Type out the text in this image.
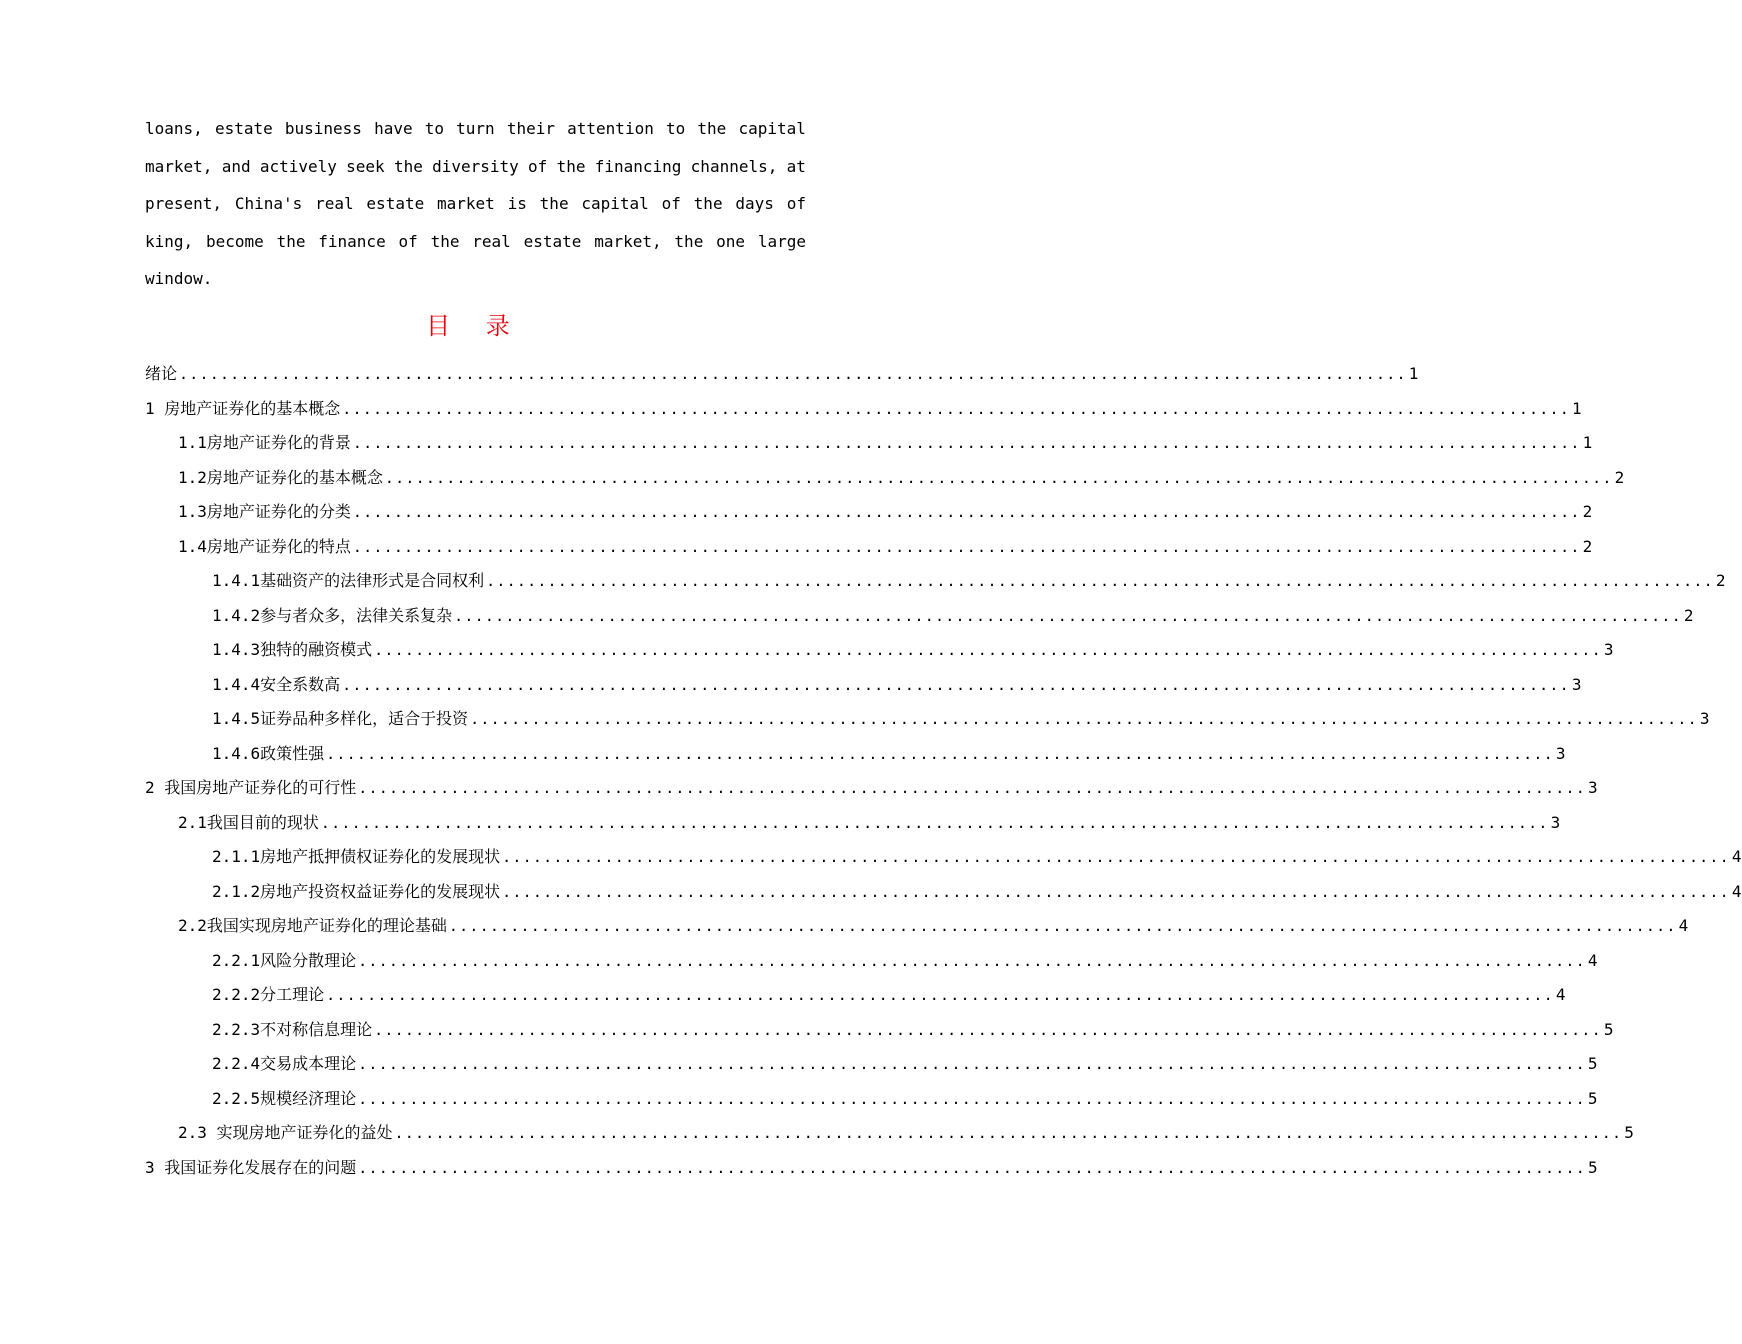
loans, estate business have to turn their attention to the capital
market, and actively seek the diversity of the financing channels, at
present, China's real estate market is the capital of the days of
king, become the finance of the real estate market, the one large
window.
目 录
绪论 ........................................................................................................................ 1
1 房地产证券化的基本概念 ........................................................................................................................ 1
1.1房地产证券化的背景 ........................................................................................................................ 1
1.2房地产证券化的基本概念 ........................................................................................................................ 2
1.3房地产证券化的分类 ........................................................................................................................ 2
1.4房地产证券化的特点 ........................................................................................................................ 2
1.4.1基础资产的法律形式是合同权利 ........................................................................................................................ 2
1.4.2参与者众多，法律关系复杂 ........................................................................................................................ 2
1.4.3独特的融资模式 ........................................................................................................................ 3
1.4.4安全系数高 ........................................................................................................................ 3
1.4.5证券品种多样化，适合于投资 ........................................................................................................................ 3
1.4.6政策性强 ........................................................................................................................ 3
2 我国房地产证券化的可行性 ........................................................................................................................ 3
2.1我国目前的现状 ........................................................................................................................ 3
2.1.1房地产抵押债权证券化的发展现状 ........................................................................................................................ 4
2.1.2房地产投资权益证券化的发展现状 ........................................................................................................................ 4
2.2我国实现房地产证券化的理论基础 ........................................................................................................................ 4
2.2.1风险分散理论 ........................................................................................................................ 4
2.2.2分工理论 ........................................................................................................................ 4
2.2.3不对称信息理论 ........................................................................................................................ 5
2.2.4交易成本理论 ........................................................................................................................ 5
2.2.5规模经济理论 ........................................................................................................................ 5
2.3 实现房地产证券化的益处 ........................................................................................................................ 5
3 我国证券化发展存在的问题 ........................................................................................................................ 5
